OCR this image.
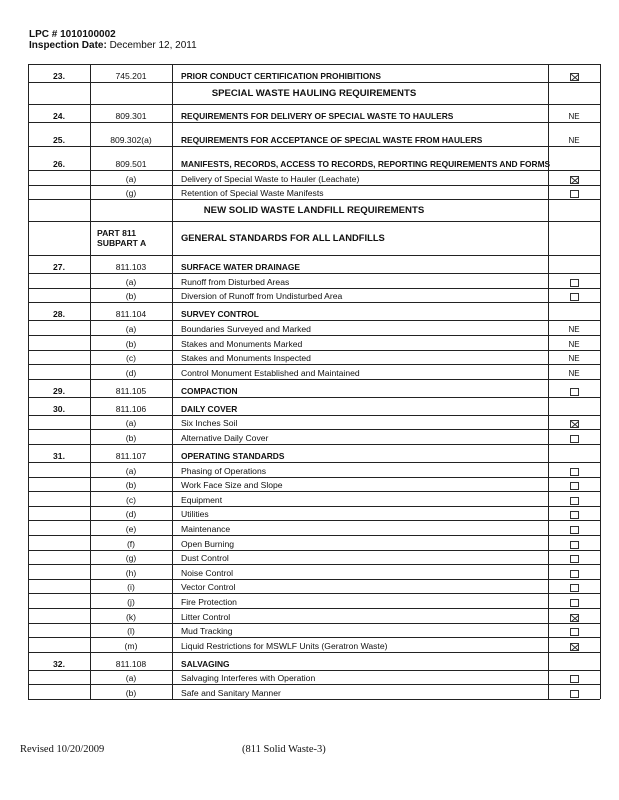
LPC # 1010100002
Inspection Date: December 12, 2011
23.	745.201	PRIOR CONDUCT CERTIFICATION PROHIBITIONS
SPECIAL WASTE HAULING REQUIREMENTS
24.	809.301	REQUIREMENTS FOR DELIVERY OF SPECIAL WASTE TO HAULERS	NE
25.	809.302(a)	REQUIREMENTS FOR ACCEPTANCE OF SPECIAL WASTE FROM HAULERS	NE
26.	809.501	MANIFESTS, RECORDS, ACCESS TO RECORDS, REPORTING REQUIREMENTS AND FORMS
(a)	Delivery of Special Waste to Hauler (Leachate)
(g)	Retention of Special Waste Manifests
NEW SOLID WASTE LANDFILL REQUIREMENTS
PART 811 SUBPART A	GENERAL STANDARDS FOR ALL LANDFILLS
27.	811.103	SURFACE WATER DRAINAGE
(a)	Runoff from Disturbed Areas
(b)	Diversion of Runoff from Undisturbed Area
28.	811.104	SURVEY CONTROL
(a)	Boundaries Surveyed and Marked	NE
(b)	Stakes and Monuments Marked	NE
(c)	Stakes and Monuments Inspected	NE
(d)	Control Monument Established and Maintained	NE
29.	811.105	COMPACTION
30.	811.106	DAILY COVER
(a)	Six Inches Soil
(b)	Alternative Daily Cover
31.	811.107	OPERATING STANDARDS
(a)	Phasing of Operations
(b)	Work Face Size and Slope
(c)	Equipment
(d)	Utilities
(e)	Maintenance
(f)	Open Burning
(g)	Dust Control
(h)	Noise Control
(i)	Vector Control
(j)	Fire Protection
(k)	Litter Control
(l)	Mud Tracking
(m)	Liquid Restrictions for MSWLF Units (Geratron Waste)
32.	811.108	SALVAGING
(a)	Salvaging Interferes with Operation
(b)	Safe and Sanitary Manner
Revised 10/20/2009	(811 Solid Waste-3)
